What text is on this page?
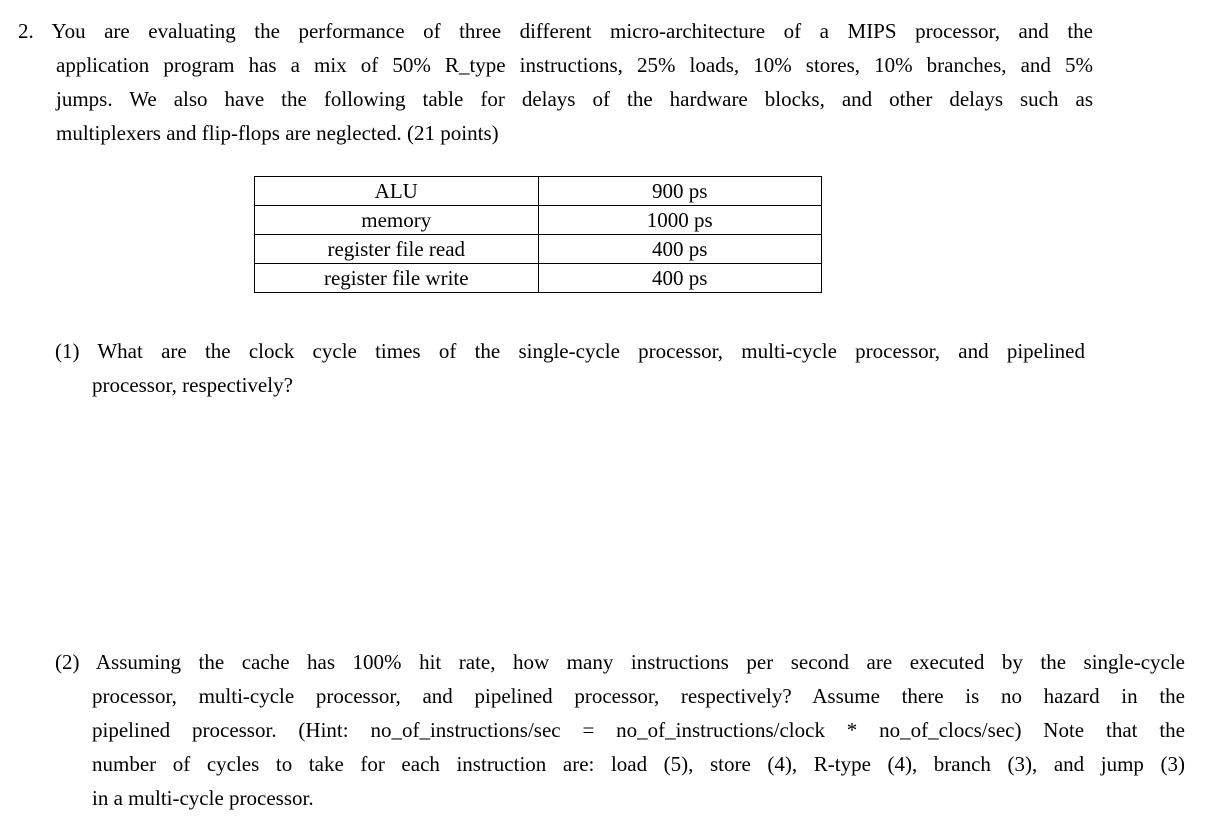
2. You are evaluating the performance of three different micro-architecture of a MIPS processor, and the
application program has a mix of 50% R_type instructions, 25% loads, 10% stores, 10% branches, and 5%
jumps. We also have the following table for delays of the hardware blocks, and other delays such as
multiplexers and flip-flops are neglected. (21 points)
ALU	900 ps
memory	1000 ps
register file read	400 ps
register file write	400 ps
(1) What are the clock cycle times of the single-cycle processor, multi-cycle processor, and pipelined
processor, respectively?
(2) Assuming the cache has 100% hit rate, how many instructions per second are executed by the single-cycle
processor, multi-cycle processor, and pipelined processor, respectively? Assume there is no hazard in the
pipelined processor. (Hint: no_of_instructions/sec = no_of_instructions/clock * no_of_clocs/sec) Note that the
number of cycles to take for each instruction are: load (5), store (4), R-type (4), branch (3), and jump (3)
in a multi-cycle processor.
